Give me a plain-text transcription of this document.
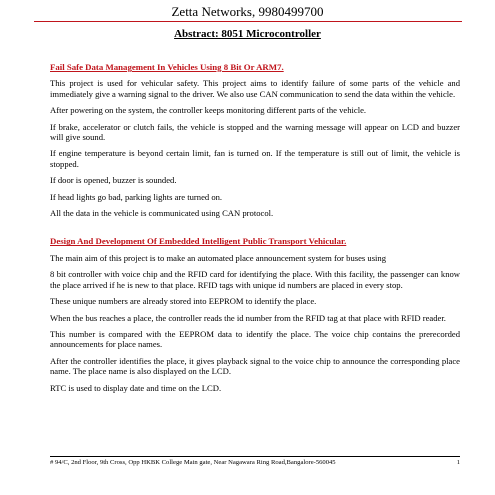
Zetta Networks, 9980499700
Abstract: 8051 Microcontroller
Fail Safe Data Management In Vehicles Using 8 Bit Or ARM7.

This project is used for vehicular safety. This project aims to identify failure of some parts of the vehicle and immediately give a warning signal to the driver. We also use CAN communication to send the data within the vehicle.

After powering on the system, the controller keeps monitoring different parts of the vehicle.

If brake, accelerator or clutch fails, the vehicle is stopped and the warning message will appear on LCD and buzzer will give sound.

If engine temperature is beyond certain limit, fan is turned on. If the temperature is still out of limit, the vehicle is stopped.

If door is opened, buzzer is sounded.

If head lights go bad, parking lights are turned on.

All the data in the vehicle is communicated using CAN protocol.

Design And Development Of Embedded Intelligent Public Transport Vehicular.

The main aim of this project is to make an automated place announcement system for buses using

8 bit controller with voice chip and the RFID card for identifying the place. With this facility, the passenger can know the place arrived if he is new to that place. RFID tags with unique id numbers are placed in every stop.

These unique numbers are already stored into EEPROM to identify the place.

When the bus reaches a place, the controller reads the id number from the RFID tag at that place with RFID reader.

This number is compared with the EEPROM data to identify the place. The voice chip contains the prerecorded announcements for place names.

After the controller identifies the place, it gives playback signal to the voice chip to announce the corresponding place name. The place name is also displayed on the LCD.

RTC is used to display date and time on the LCD.

# 94/C, 2nd Floor, 9th Cross, Opp HKBK College Main gate, Near Nagawara Ring Road,Bangalore-560045	1
